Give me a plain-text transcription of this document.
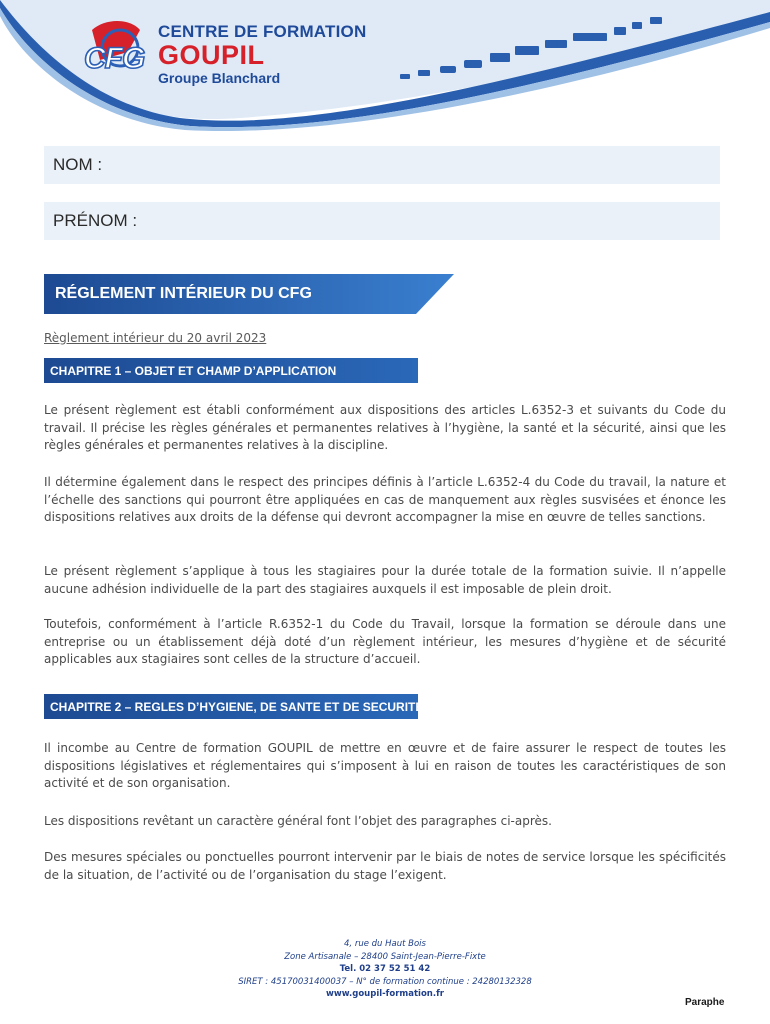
CFG
CENTRE DE FORMATION
GOUPIL
Groupe Blanchard
NOM :
PRÉNOM :
RÉGLEMENT INTÉRIEUR DU CFG
Règlement intérieur du 20 avril 2023
CHAPITRE 1 – OBJET ET CHAMP D’APPLICATION

Le présent règlement est établi conformément aux dispositions des articles L.6352-3 et suivants du Code du travail. Il précise les règles générales et permanentes relatives à l’hygiène, la santé et la sécurité, ainsi que les règles générales et permanentes relatives à la discipline.

Il détermine également dans le respect des principes définis à l’article L.6352-4 du Code du travail, la nature et l’échelle des sanctions qui pourront être appliquées en cas de manquement aux règles susvisées et énonce les dispositions relatives aux droits de la défense qui devront accompagner la mise en œuvre de telles sanctions.

Le présent règlement s’applique à tous les stagiaires pour la durée totale de la formation suivie. Il n’appelle aucune adhésion individuelle de la part des stagiaires auxquels il est imposable de plein droit.

Toutefois, conformément à l’article R.6352-1 du Code du Travail, lorsque la formation se déroule dans une entreprise ou un établissement déjà doté d’un règlement intérieur, les mesures d’hygiène et de sécurité applicables aux stagiaires sont celles de la structure d’accueil.

CHAPITRE 2 – REGLES D’HYGIENE, DE SANTE ET DE SECURITE

Il incombe au Centre de formation GOUPIL de mettre en œuvre et de faire assurer le respect de toutes les dispositions législatives et réglementaires qui s’imposent à lui en raison de toutes les caractéristiques de son activité et de son organisation.

Les dispositions revêtant un caractère général font l’objet des paragraphes ci-après.

Des mesures spéciales ou ponctuelles pourront intervenir par le biais de notes de service lorsque les spécificités de la situation, de l’activité ou de l’organisation du stage l’exigent.

4, rue du Haut Bois
Zone Artisanale – 28400 Saint-Jean-Pierre-Fixte
Tel. 02 37 52 51 42
SIRET : 45170031400037 – N° de formation continue : 24280132328
www.goupil-formation.fr
Paraphe
